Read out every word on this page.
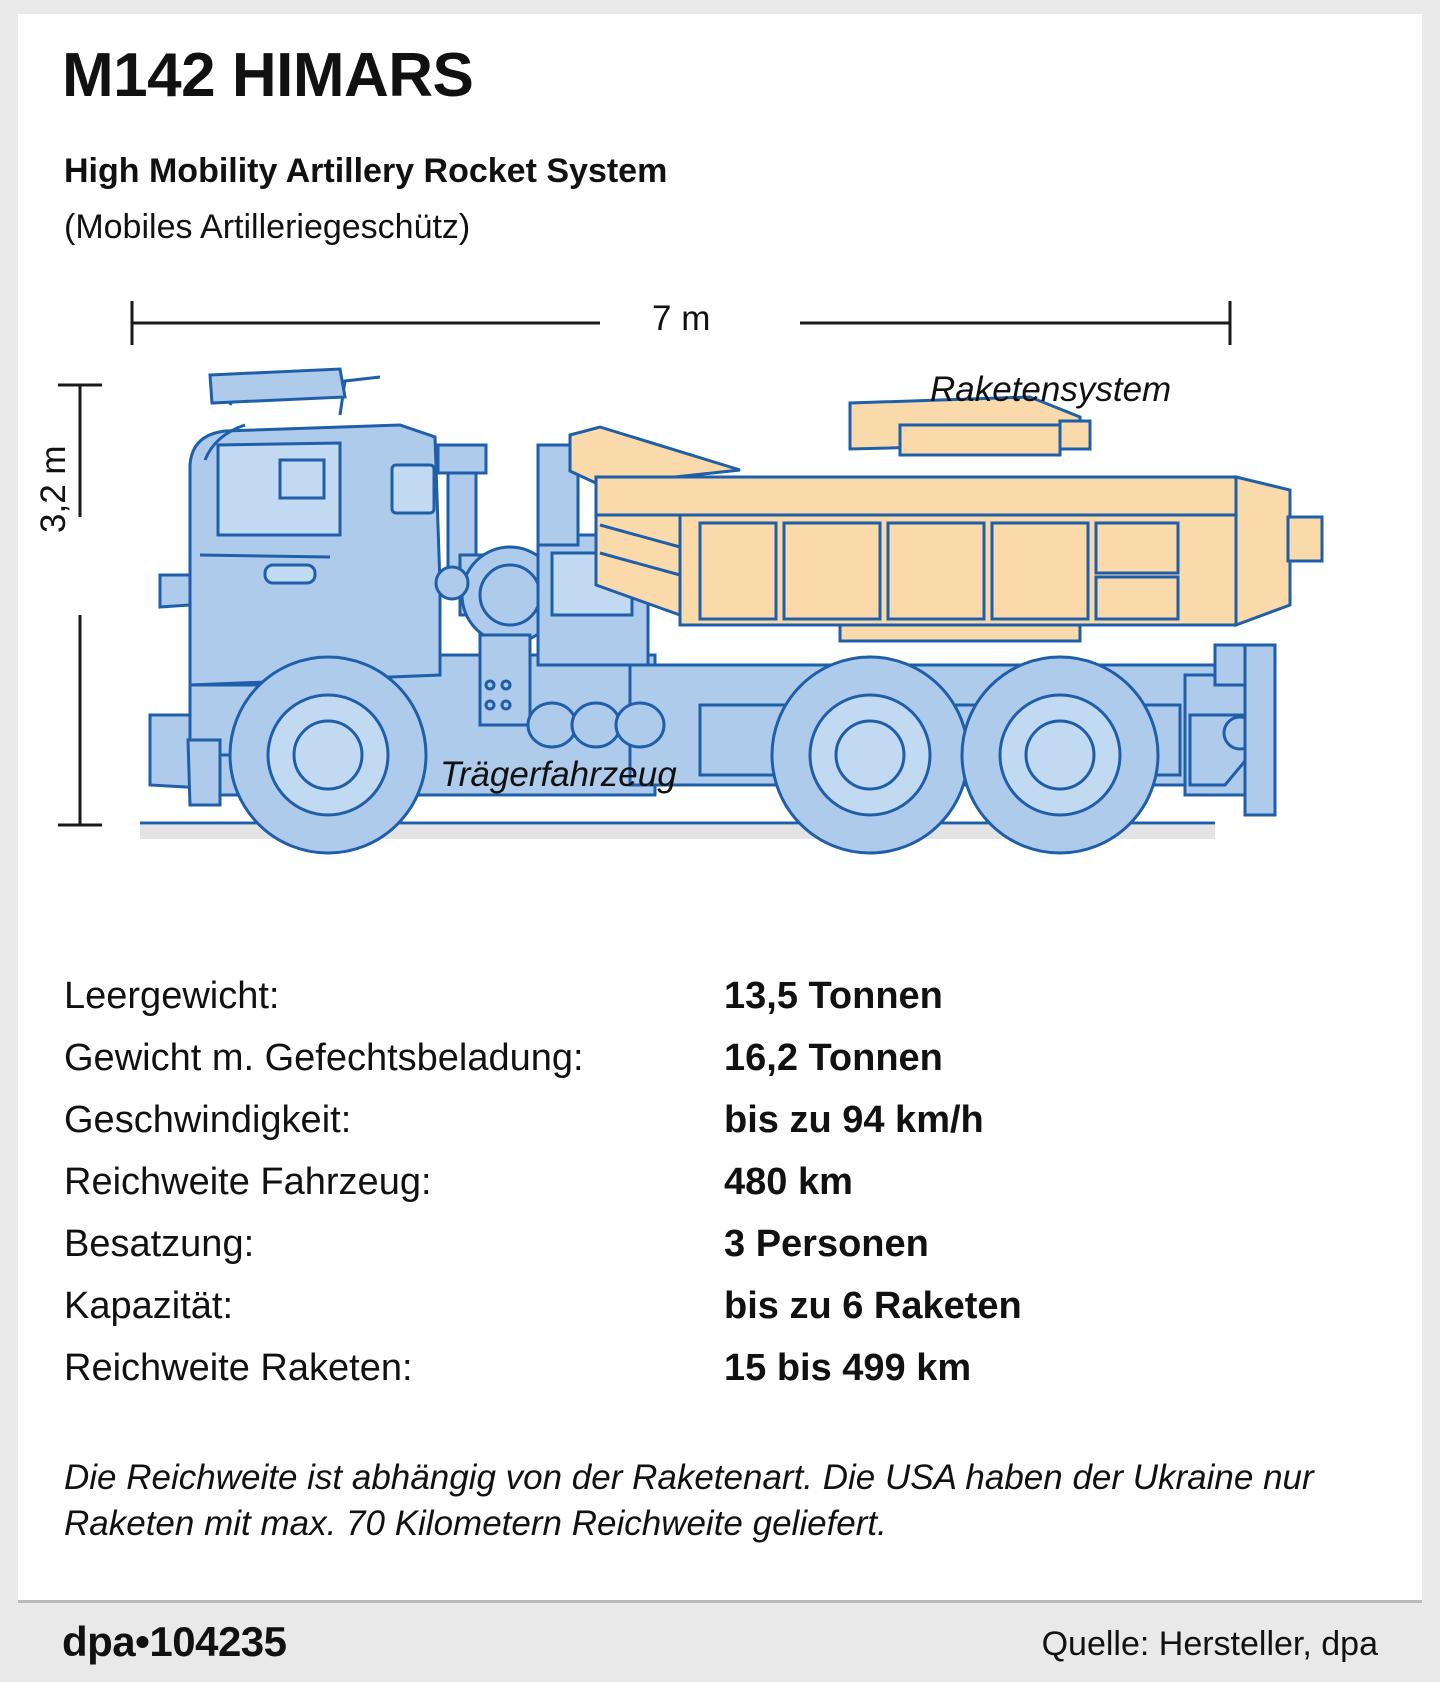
M142 HIMARS
High Mobility Artillery Rocket System
(Mobiles Artilleriegeschütz)
7 m
3,2 m
Raketensystem
Trägerfahrzeug
Leergewicht:	13,5 Tonnen
Gewicht m. Gefechtsbeladung:	16,2 Tonnen
Geschwindigkeit:	bis zu 94 km/h
Reichweite Fahrzeug:	480 km
Besatzung:	3 Personen
Kapazität:	bis zu 6 Raketen
Reichweite Raketen:	15 bis 499 km
Die Reichweite ist abhängig von der Raketenart. Die USA haben der Ukraine nur Raketen mit max. 70 Kilometern Reichweite geliefert.
dpa•104235	Quelle: Hersteller, dpa
